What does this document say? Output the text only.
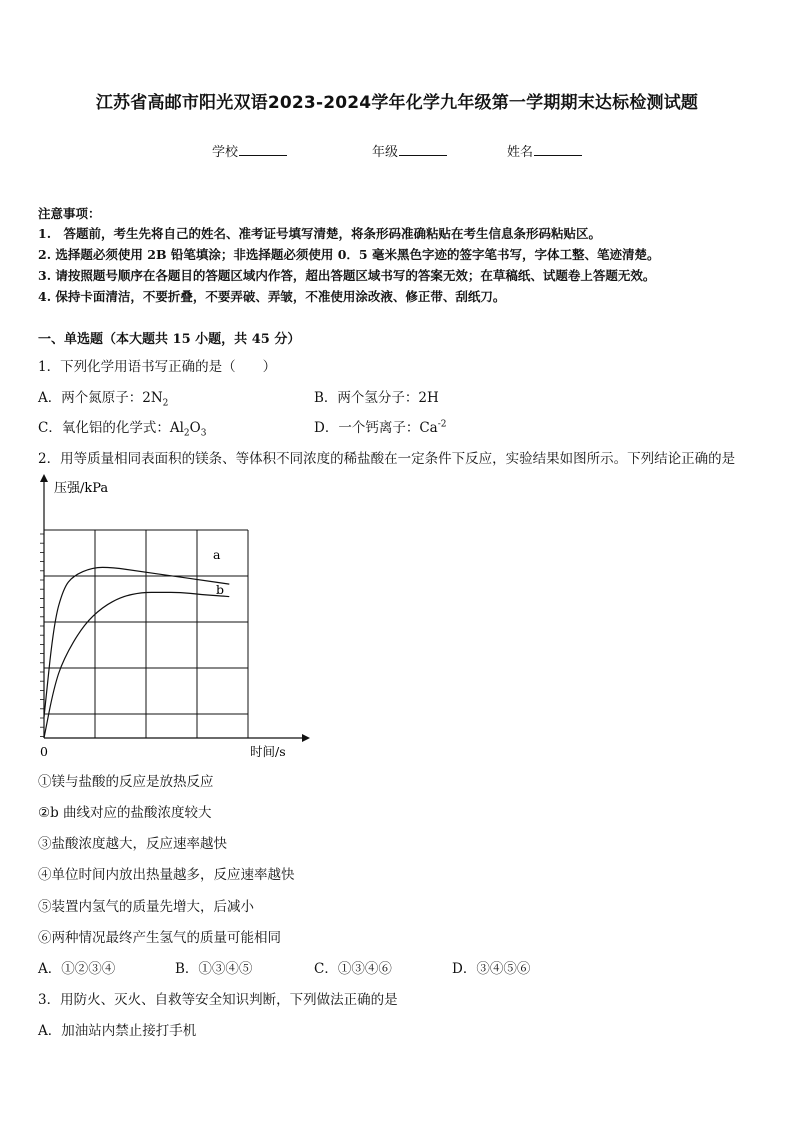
江苏省高邮市阳光双语2023-2024学年化学九年级第一学期期末达标检测试题
学校	年级	姓名
注意事项：
1.　答题前，考生先将自己的姓名、准考证号填写清楚，将条形码准确粘贴在考生信息条形码粘贴区。
2. 选择题必须使用 2B 铅笔填涂；非选择题必须使用 0．5 毫米黑色字迹的签字笔书写，字体工整、笔迹清楚。
3. 请按照题号顺序在各题目的答题区域内作答，超出答题区域书写的答案无效；在草稿纸、试题卷上答题无效。
4. 保持卡面清洁，不要折叠，不要弄破、弄皱，不准使用涂改液、修正带、刮纸刀。
一、单选题（本大题共 15 小题，共 45 分）
1．下列化学用语书写正确的是（　　）
A．两个氮原子：$2N_2$	B．两个氢分子：2H
C．氧化铝的化学式：$Al_2O_3$	D．一个钙离子：$Ca^{-2}$
2．用等质量相同表面积的镁条、等体积不同浓度的稀盐酸在一定条件下反应，实验结果如图所示。下列结论正确的是
压强/kPa
时间/s
0
a
b
①镁与盐酸的反应是放热反应
②b 曲线对应的盐酸浓度较大
③盐酸浓度越大，反应速率越快
④单位时间内放出热量越多，反应速率越快
⑤装置内氢气的质量先增大，后减小
⑥两种情况最终产生氢气的质量可能相同
A．①②③④	B．①③④⑤	C．①③④⑥	D．③④⑤⑥
3．用防火、灭火、自救等安全知识判断，下列做法正确的是
A．加油站内禁止接打手机
